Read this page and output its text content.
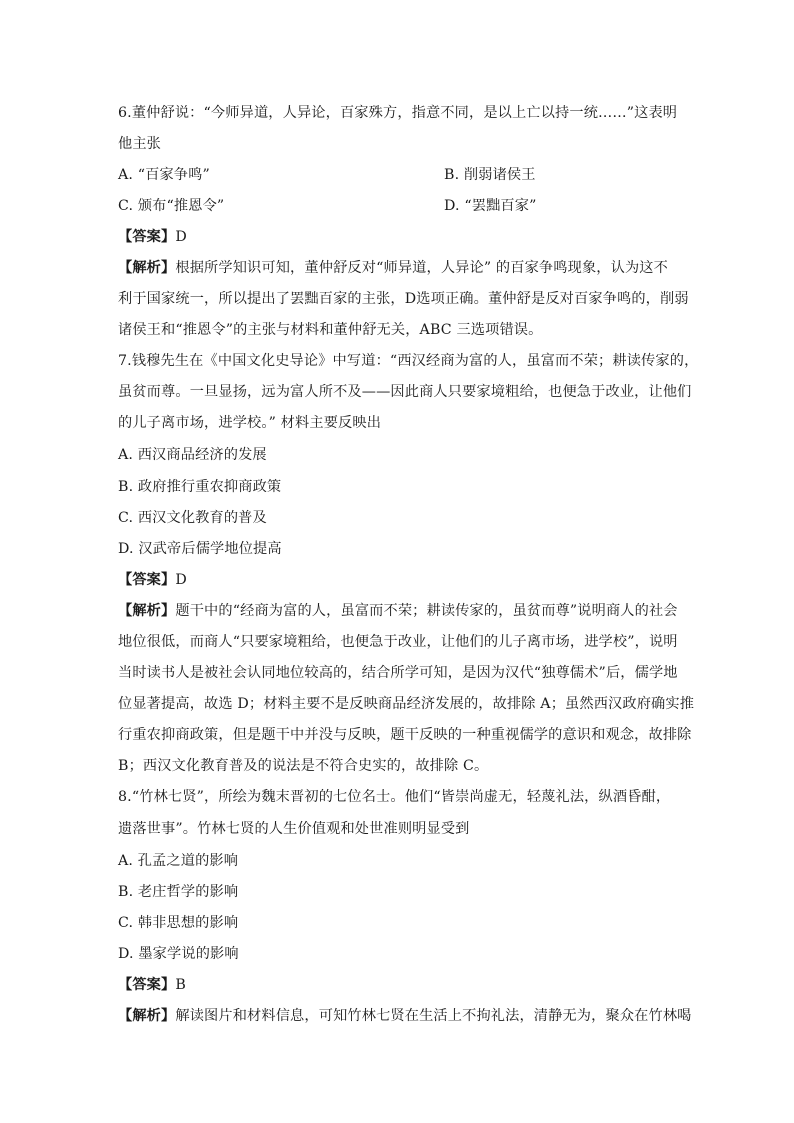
6.董仲舒说：“今师异道，人异论，百家殊方，指意不同，是以上亡以持一统……”这表明
他主张
A. “百家争鸣”	B. 削弱诸侯王
C. 颁布“推恩令”	D. “罢黜百家”
【答案】D
【解析】根据所学知识可知，董仲舒反对“师异道，人异论” 的百家争鸣现象，认为这不
利于国家统一，所以提出了罢黜百家的主张，D选项正确。董仲舒是反对百家争鸣的，削弱
诸侯王和“推恩令”的主张与材料和董仲舒无关，ABC 三选项错误。
7.钱穆先生在《中国文化史导论》中写道：“西汉经商为富的人，虽富而不荣；耕读传家的，
虽贫而尊。一旦显扬，远为富人所不及——因此商人只要家境粗给，也便急于改业，让他们
的儿子离市场，进学校。” 材料主要反映出
A. 西汉商品经济的发展
B. 政府推行重农抑商政策
C. 西汉文化教育的普及
D. 汉武帝后儒学地位提高
【答案】D
【解析】题干中的“经商为富的人，虽富而不荣；耕读传家的，虽贫而尊”说明商人的社会
地位很低，而商人“只要家境粗给，也便急于改业，让他们的儿子离市场，进学校”，说明
当时读书人是被社会认同地位较高的，结合所学可知，是因为汉代“独尊儒术”后，儒学地
位显著提高，故选 D；材料主要不是反映商品经济发展的，故排除 A；虽然西汉政府确实推
行重农抑商政策，但是题干中并没与反映，题干反映的一种重视儒学的意识和观念，故排除
B；西汉文化教育普及的说法是不符合史实的，故排除 C。
8.“竹林七贤”，所绘为魏末晋初的七位名士。他们“皆崇尚虚无，轻蔑礼法，纵酒昏酣，
遗落世事”。竹林七贤的人生价值观和处世准则明显受到
A. 孔孟之道的影响
B. 老庄哲学的影响
C. 韩非思想的影响
D. 墨家学说的影响
【答案】B
【解析】解读图片和材料信息，可知竹林七贤在生活上不拘礼法，清静无为，聚众在竹林喝
